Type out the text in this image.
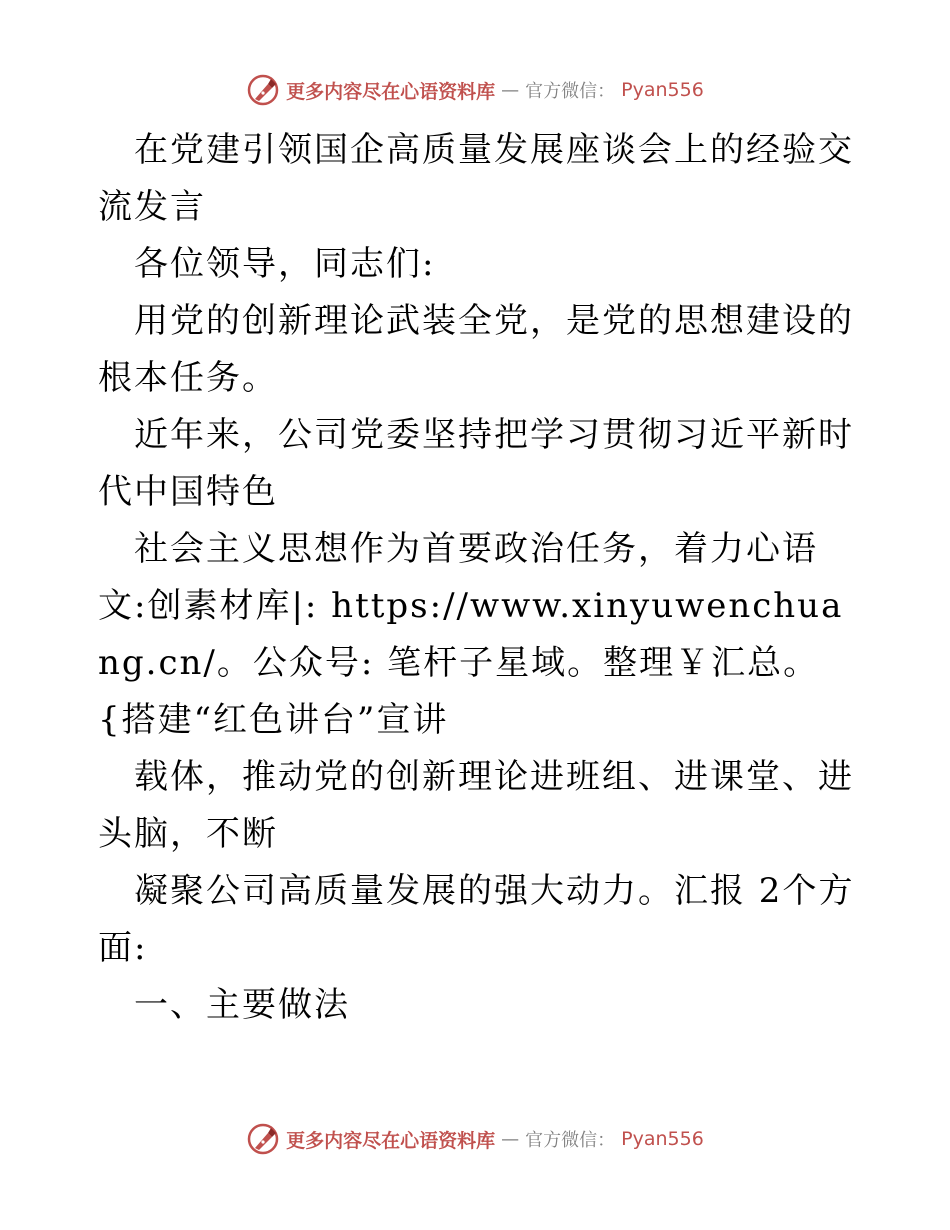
更多内容尽在心语资料库 — 官方微信： Pyan556

在党建引领国企高质量发展座谈会上的经验交流发言

各位领导，同志们:

用党的创新理论武装全党，是党的思想建设的根本任务。

近年来，公司党委坚持把学习贯彻习近平新时代中国特色

社会主义思想作为首要政治任务，着力心语文:创素材库|: https://www.xinyuwenchuang.cn/。公众号: 笔杆子星域。整理￥汇总。{搭建“红色讲台”宣讲

载体，推动党的创新理论进班组、进课堂、进头脑，不断

凝聚公司高质量发展的强大动力。汇报 2个方面:

一、主要做法

更多内容尽在心语资料库 — 官方微信： Pyan556
